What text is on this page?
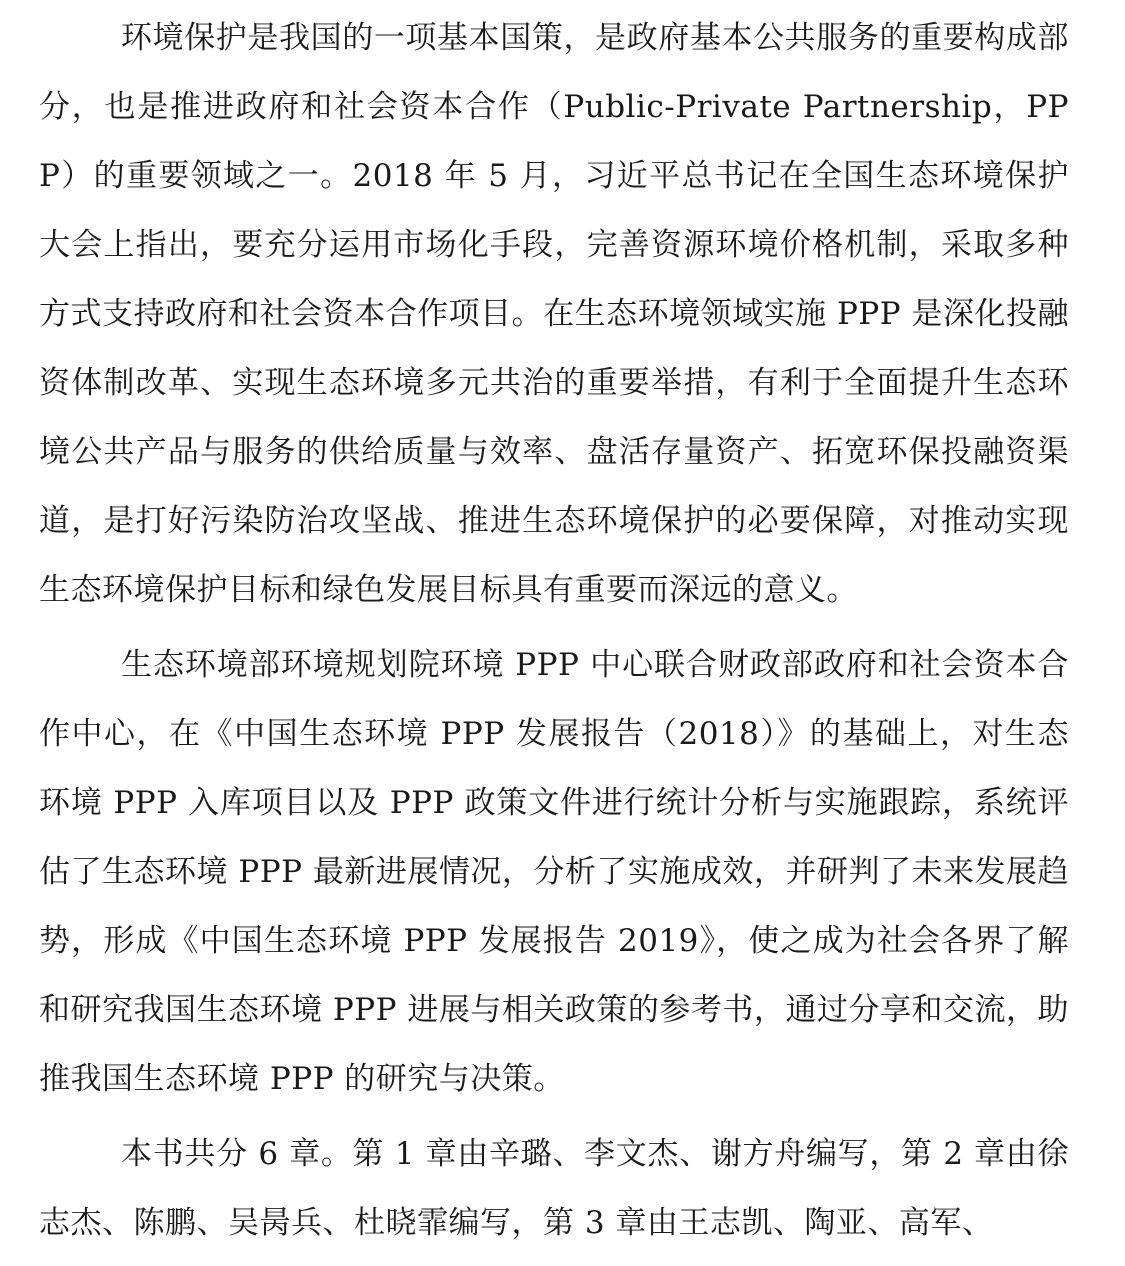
环境保护是我国的一项基本国策，是政府基本公共服务的重要构成部分，也是推进政府和社会资本合作（Public-Private Partnership，PPP）的重要领域之一。2018 年 5 月，习近平总书记在全国生态环境保护大会上指出，要充分运用市场化手段，完善资源环境价格机制，采取多种方式支持政府和社会资本合作项目。在生态环境领域实施 PPP 是深化投融资体制改革、实现生态环境多元共治的重要举措，有利于全面提升生态环境公共产品与服务的供给质量与效率、盘活存量资产、拓宽环保投融资渠道，是打好污染防治攻坚战、推进生态环境保护的必要保障，对推动实现生态环境保护目标和绿色发展目标具有重要而深远的意义。

生态环境部环境规划院环境 PPP 中心联合财政部政府和社会资本合作中心，在《中国生态环境 PPP 发展报告（2018）》的基础上，对生态环境 PPP 入库项目以及 PPP 政策文件进行统计分析与实施跟踪，系统评估了生态环境 PPP 最新进展情况，分析了实施成效，并研判了未来发展趋势，形成《中国生态环境 PPP 发展报告 2019》，使之成为社会各界了解和研究我国生态环境 PPP 进展与相关政策的参考书，通过分享和交流，助推我国生态环境 PPP 的研究与决策。

本书共分 6 章。第 1 章由辛璐、李文杰、谢方舟编写，第 2 章由徐志杰、陈鹏、吴昺兵、杜晓霏编写，第 3 章由王志凯、陶亚、高军、
